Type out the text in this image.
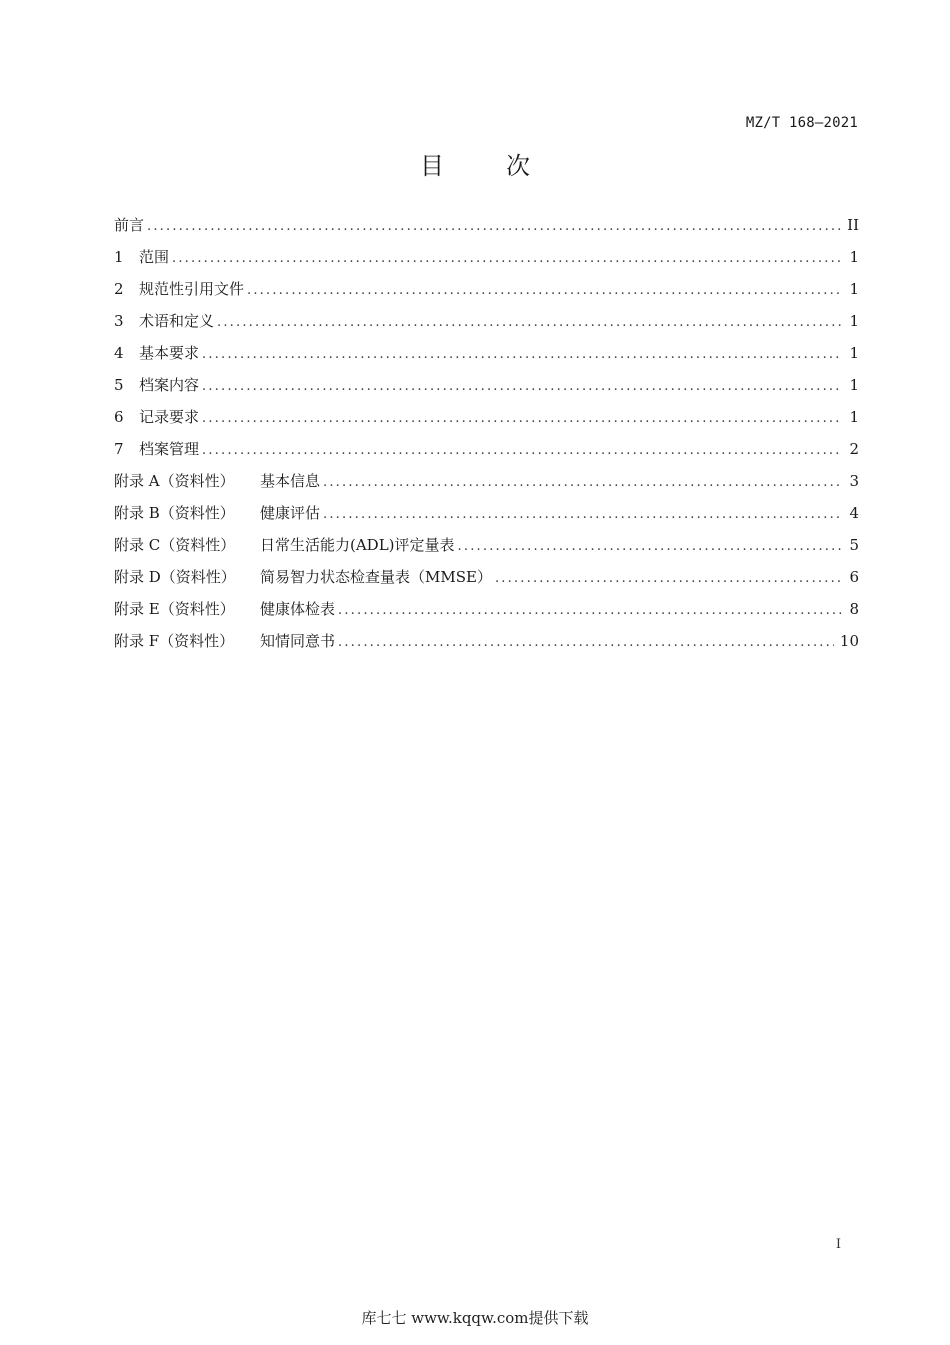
MZ/T 168—2021
目	次
前言 .....	II
1 范围 .....	1
2 规范性引用文件 .....	1
3 术语和定义 .....	1
4 基本要求 .....	1
5 档案内容 .....	1
6 记录要求 .....	1
7 档案管理 .....	2
附录 A（资料性） 基本信息 .....	3
附录 B（资料性） 健康评估 .....	4
附录 C（资料性） 日常生活能力(ADL)评定量表 .....	5
附录 D（资料性） 简易智力状态检查量表（MMSE） .....	6
附录 E（资料性） 健康体检表 .....	8
附录 F（资料性） 知情同意书 .....	10
I
库七七 www.kqqw.com提供下载
